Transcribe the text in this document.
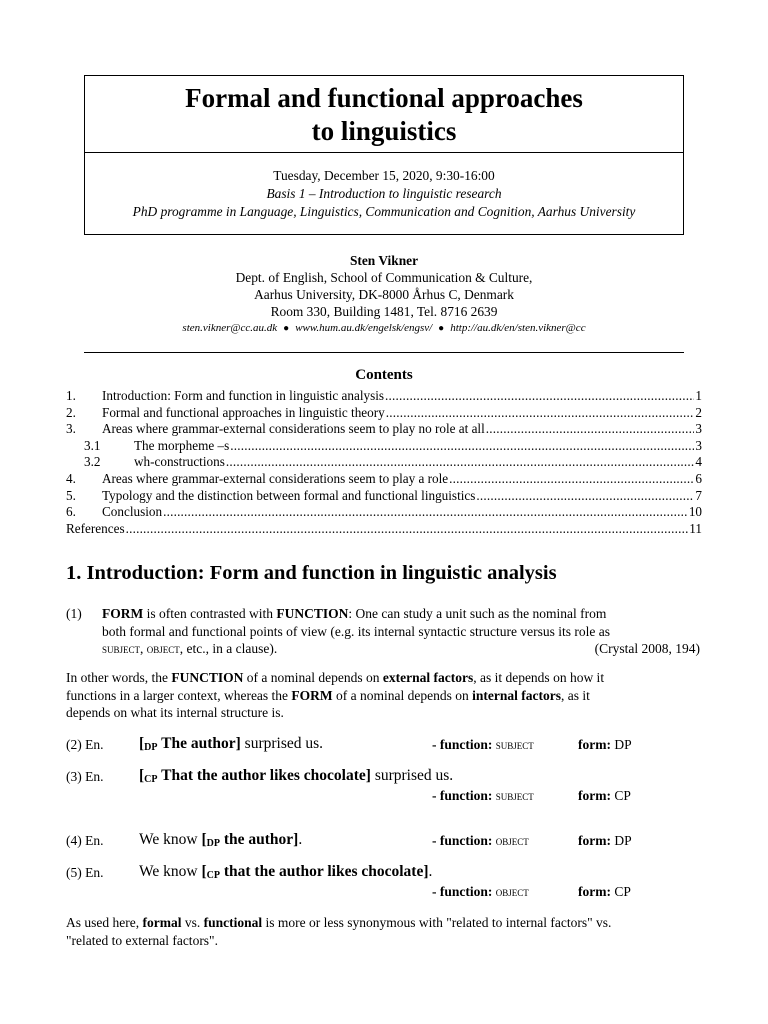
Formal and functional approaches
to linguistics
Tuesday, December 15, 2020, 9:30-16:00
Basis 1 – Introduction to linguistic research
PhD programme in Language, Linguistics, Communication and Cognition, Aarhus University
Sten Vikner
Dept. of English, School of Communication & Culture,
Aarhus University, DK-8000 Århus C, Denmark
Room 330, Building 1481, Tel. 8716 2639
sten.vikner@cc.au.dk ● www.hum.au.dk/engelsk/engsv/ ● http://au.dk/en/sten.vikner@cc
Contents
1.	Introduction: Form and function in linguistic analysis .....	1
2.	Formal and functional approaches in linguistic theory .....	2
3.	Areas where grammar-external considerations seem to play no role at all .....	3
3.1	The morpheme –s .....	3
3.2	wh-constructions .....	4
4.	Areas where grammar-external considerations seem to play a role .....	6
5.	Typology and the distinction between formal and functional linguistics .....	7
6.	Conclusion .....	10
References .....	11
1. Introduction: Form and function in linguistic analysis
(1) FORM is often contrasted with FUNCTION: One can study a unit such as the nominal from
both formal and functional points of view (e.g. its internal syntactic structure versus its role as
subject, object, etc., in a clause).	(Crystal 2008, 194)
In other words, the FUNCTION of a nominal depends on external factors, as it depends on how it
functions in a larger context, whereas the FORM of a nominal depends on internal factors, as it
depends on what its internal structure is.
(2) En. [DP The author] surprised us.	- function: subject	form: DP
(3) En. [CP That the author likes chocolate] surprised us.
- function: subject	form: CP
(4) En. We know [DP the author].	- function: object	form: DP
(5) En. We know [CP that the author likes chocolate].
- function: object	form: CP
As used here, formal vs. functional is more or less synonymous with "related to internal factors" vs.
"related to external factors".
